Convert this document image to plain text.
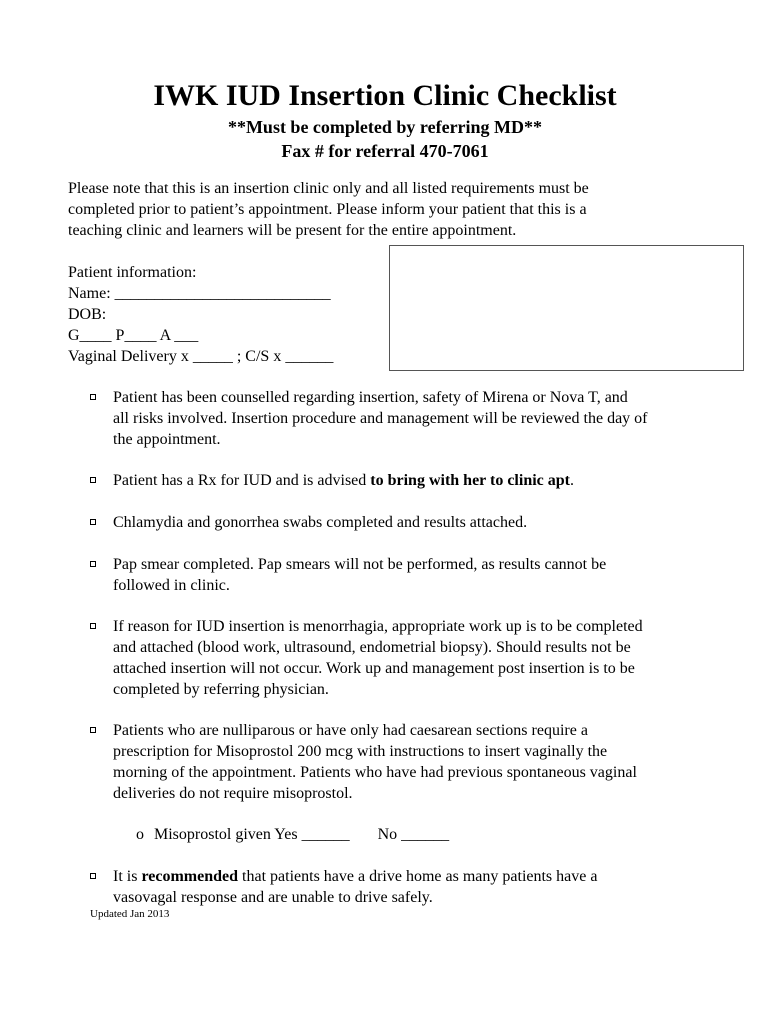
IWK IUD Insertion Clinic Checklist
**Must be completed by referring MD**
Fax # for referral 470-7061
Please note that this is an insertion clinic only and all listed requirements must be
completed prior to patient’s appointment. Please inform your patient that this is a
teaching clinic and learners will be present for the entire appointment.
Patient information:
Name: ___________________________
DOB:
G____ P____ A ___
Vaginal Delivery x _____ ; C/S x ______
Patient has been counselled regarding insertion, safety of Mirena or Nova T, and
all risks involved. Insertion procedure and management will be reviewed the day of
the appointment.
Patient has a Rx for IUD and is advised to bring with her to clinic apt.
Chlamydia and gonorrhea swabs completed and results attached.
Pap smear completed. Pap smears will not be performed, as results cannot be
followed in clinic.
If reason for IUD insertion is menorrhagia, appropriate work up is to be completed
and attached (blood work, ultrasound, endometrial biopsy). Should results not be
attached insertion will not occur. Work up and management post insertion is to be
completed by referring physician.
Patients who are nulliparous or have only had caesarean sections require a
prescription for Misoprostol 200 mcg with instructions to insert vaginally the
morning of the appointment. Patients who have had previous spontaneous vaginal
deliveries do not require misoprostol.
o Misoprostol given Yes ______ No ______
It is recommended that patients have a drive home as many patients have a
vasovagal response and are unable to drive safely.
Updated Jan 2013
